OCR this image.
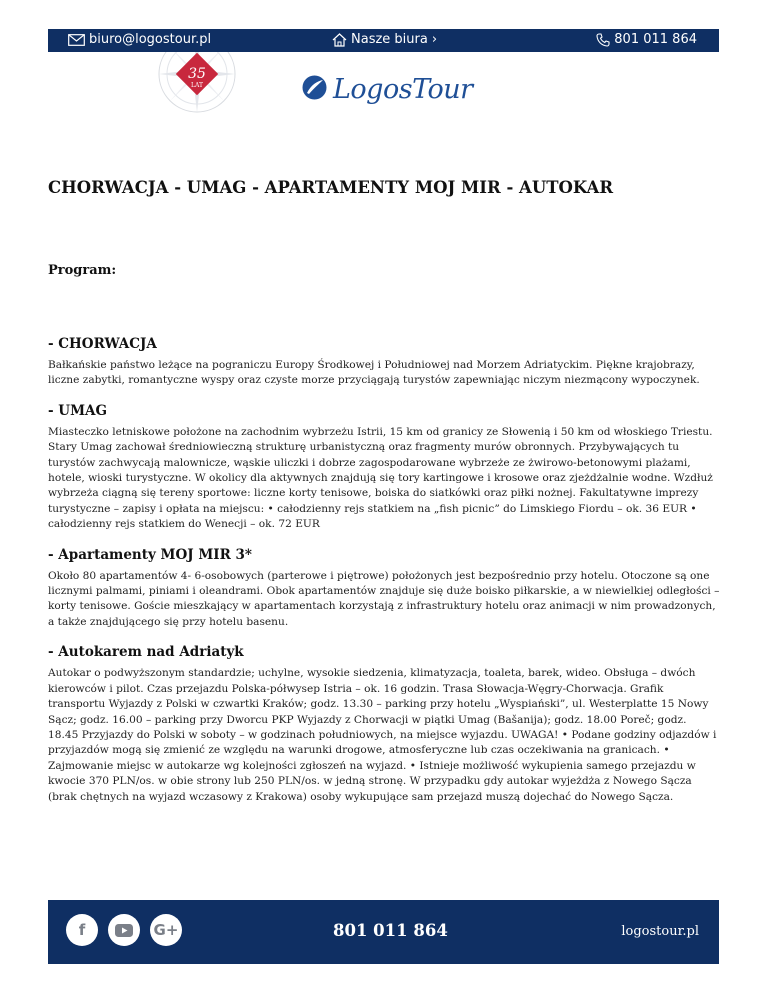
biuro@logostour.pl	Nasze biura ›	801 011 864
35
LAT	LogosTour
CHORWACJA - UMAG - APARTAMENTY MOJ MIR - AUTOKAR
Program:
- CHORWACJA

Bałkańskie państwo leżące na pograniczu Europy Środkowej i Południowej nad Morzem Adriatyckim. Piękne krajobrazy, liczne zabytki, romantyczne wyspy oraz czyste morze przyciągają turystów zapewniając niczym niezmącony wypoczynek.

- UMAG

Miasteczko letniskowe położone na zachodnim wybrzeżu Istrii, 15 km od granicy ze Słowenią i 50 km od włoskiego Triestu. Stary Umag zachował średniowieczną strukturę urbanistyczną oraz fragmenty murów obronnych. Przybywających tu turystów zachwycają malownicze, wąskie uliczki i dobrze zagospodarowane wybrzeże ze żwirowo-betonowymi plażami, hotele, wioski turystyczne. W okolicy dla aktywnych znajdują się tory kartingowe i krosowe oraz zjeżdżalnie wodne. Wzdłuż wybrzeża ciągną się tereny sportowe: liczne korty tenisowe, boiska do siatkówki oraz piłki nożnej. Fakultatywne imprezy turystyczne – zapisy i opłata na miejscu: • całodzienny rejs statkiem na „fish picnic” do Limskiego Fiordu – ok. 36 EUR • całodzienny rejs statkiem do Wenecji – ok. 72 EUR

- Apartamenty MOJ MIR 3*

Około 80 apartamentów 4- 6-osobowych (parterowe i piętrowe) położonych jest bezpośrednio przy hotelu. Otoczone są one licznymi palmami, piniami i oleandrami. Obok apartamentów znajduje się duże boisko piłkarskie, a w niewielkiej odległości – korty tenisowe. Goście mieszkający w apartamentach korzystają z infrastruktury hotelu oraz animacji w nim prowadzonych, a także znajdującego się przy hotelu basenu.

- Autokarem nad Adriatyk

Autokar o podwyższonym standardzie; uchylne, wysokie siedzenia, klimatyzacja, toaleta, barek, wideo. Obsługa – dwóch kierowców i pilot. Czas przejazdu Polska-półwysep Istria – ok. 16 godzin. Trasa Słowacja-Węgry-Chorwacja. Grafik transportu Wyjazdy z Polski w czwartki Kraków; godz. 13.30 – parking przy hotelu „Wyspiański”, ul. Westerplatte 15 Nowy Sącz; godz. 16.00 – parking przy Dworcu PKP Wyjazdy z Chorwacji w piątki Umag (Bašanija); godz. 18.00 Poreč; godz. 18.45 Przyjazdy do Polski w soboty – w godzinach południowych, na miejsce wyjazdu. UWAGA! • Podane godziny odjazdów i przyjazdów mogą się zmienić ze względu na warunki drogowe, atmosferyczne lub czas oczekiwania na granicach. • Zajmowanie miejsc w autokarze wg kolejności zgłoszeń na wyjazd. • Istnieje możliwość wykupienia samego przejazdu w kwocie 370 PLN/os. w obie strony lub 250 PLN/os. w jedną stronę. W przypadku gdy autokar wyjeżdża z Nowego Sącza (brak chętnych na wyjazd wczasowy z Krakowa) osoby wykupujące sam przejazd muszą dojechać do Nowego Sącza.

f	G+	801 011 864	logostour.pl
